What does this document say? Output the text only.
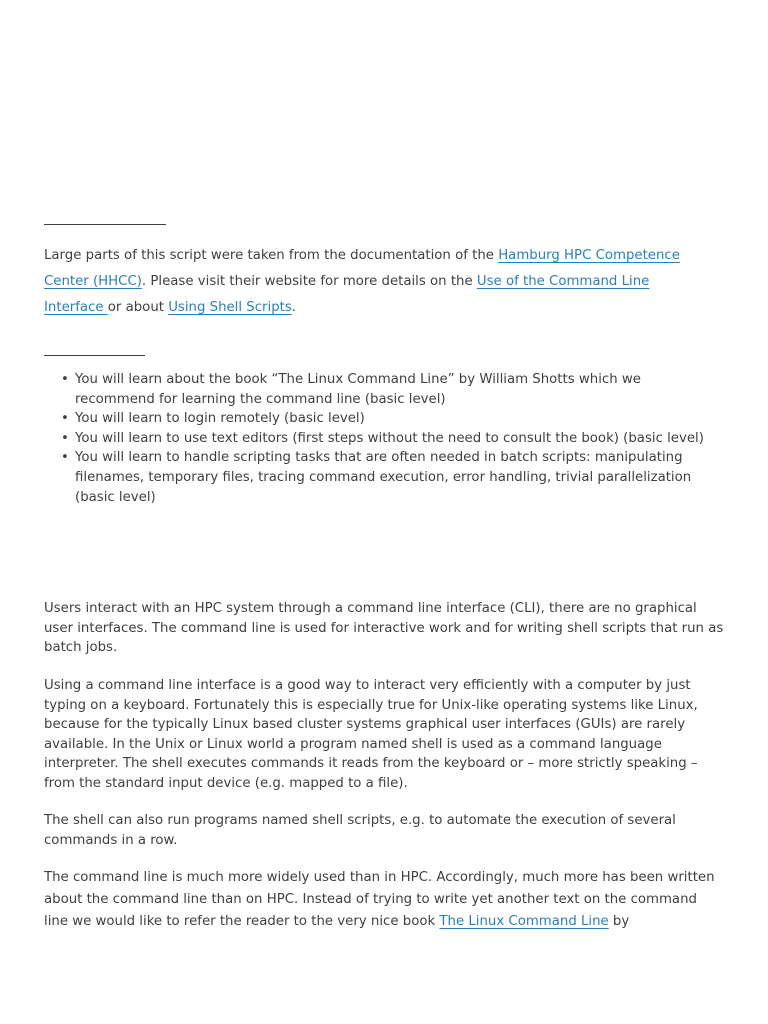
Large parts of this script were taken from the documentation of the Hamburg HPC Competence Center (HHCC). Please visit their website for more details on the Use of the Command Line Interface or about Using Shell Scripts.

• You will learn about the book “The Linux Command Line” by William Shotts which we recommend for learning the command line (basic level)
• You will learn to login remotely (basic level)
• You will learn to use text editors (first steps without the need to consult the book) (basic level)
• You will learn to handle scripting tasks that are often needed in batch scripts: manipulating filenames, temporary files, tracing command execution, error handling, trivial parallelization (basic level)

Users interact with an HPC system through a command line interface (CLI), there are no graphical user interfaces. The command line is used for interactive work and for writing shell scripts that run as batch jobs.

Using a command line interface is a good way to interact very efficiently with a computer by just typing on a keyboard. Fortunately this is especially true for Unix-like operating systems like Linux, because for the typically Linux based cluster systems graphical user interfaces (GUIs) are rarely available. In the Unix or Linux world a program named shell is used as a command language interpreter. The shell executes commands it reads from the keyboard or – more strictly speaking – from the standard input device (e.g. mapped to a file).

The shell can also run programs named shell scripts, e.g. to automate the execution of several commands in a row.

The command line is much more widely used than in HPC. Accordingly, much more has been written about the command line than on HPC. Instead of trying to write yet another text on the command line we would like to refer the reader to the very nice book The Linux Command Line by
